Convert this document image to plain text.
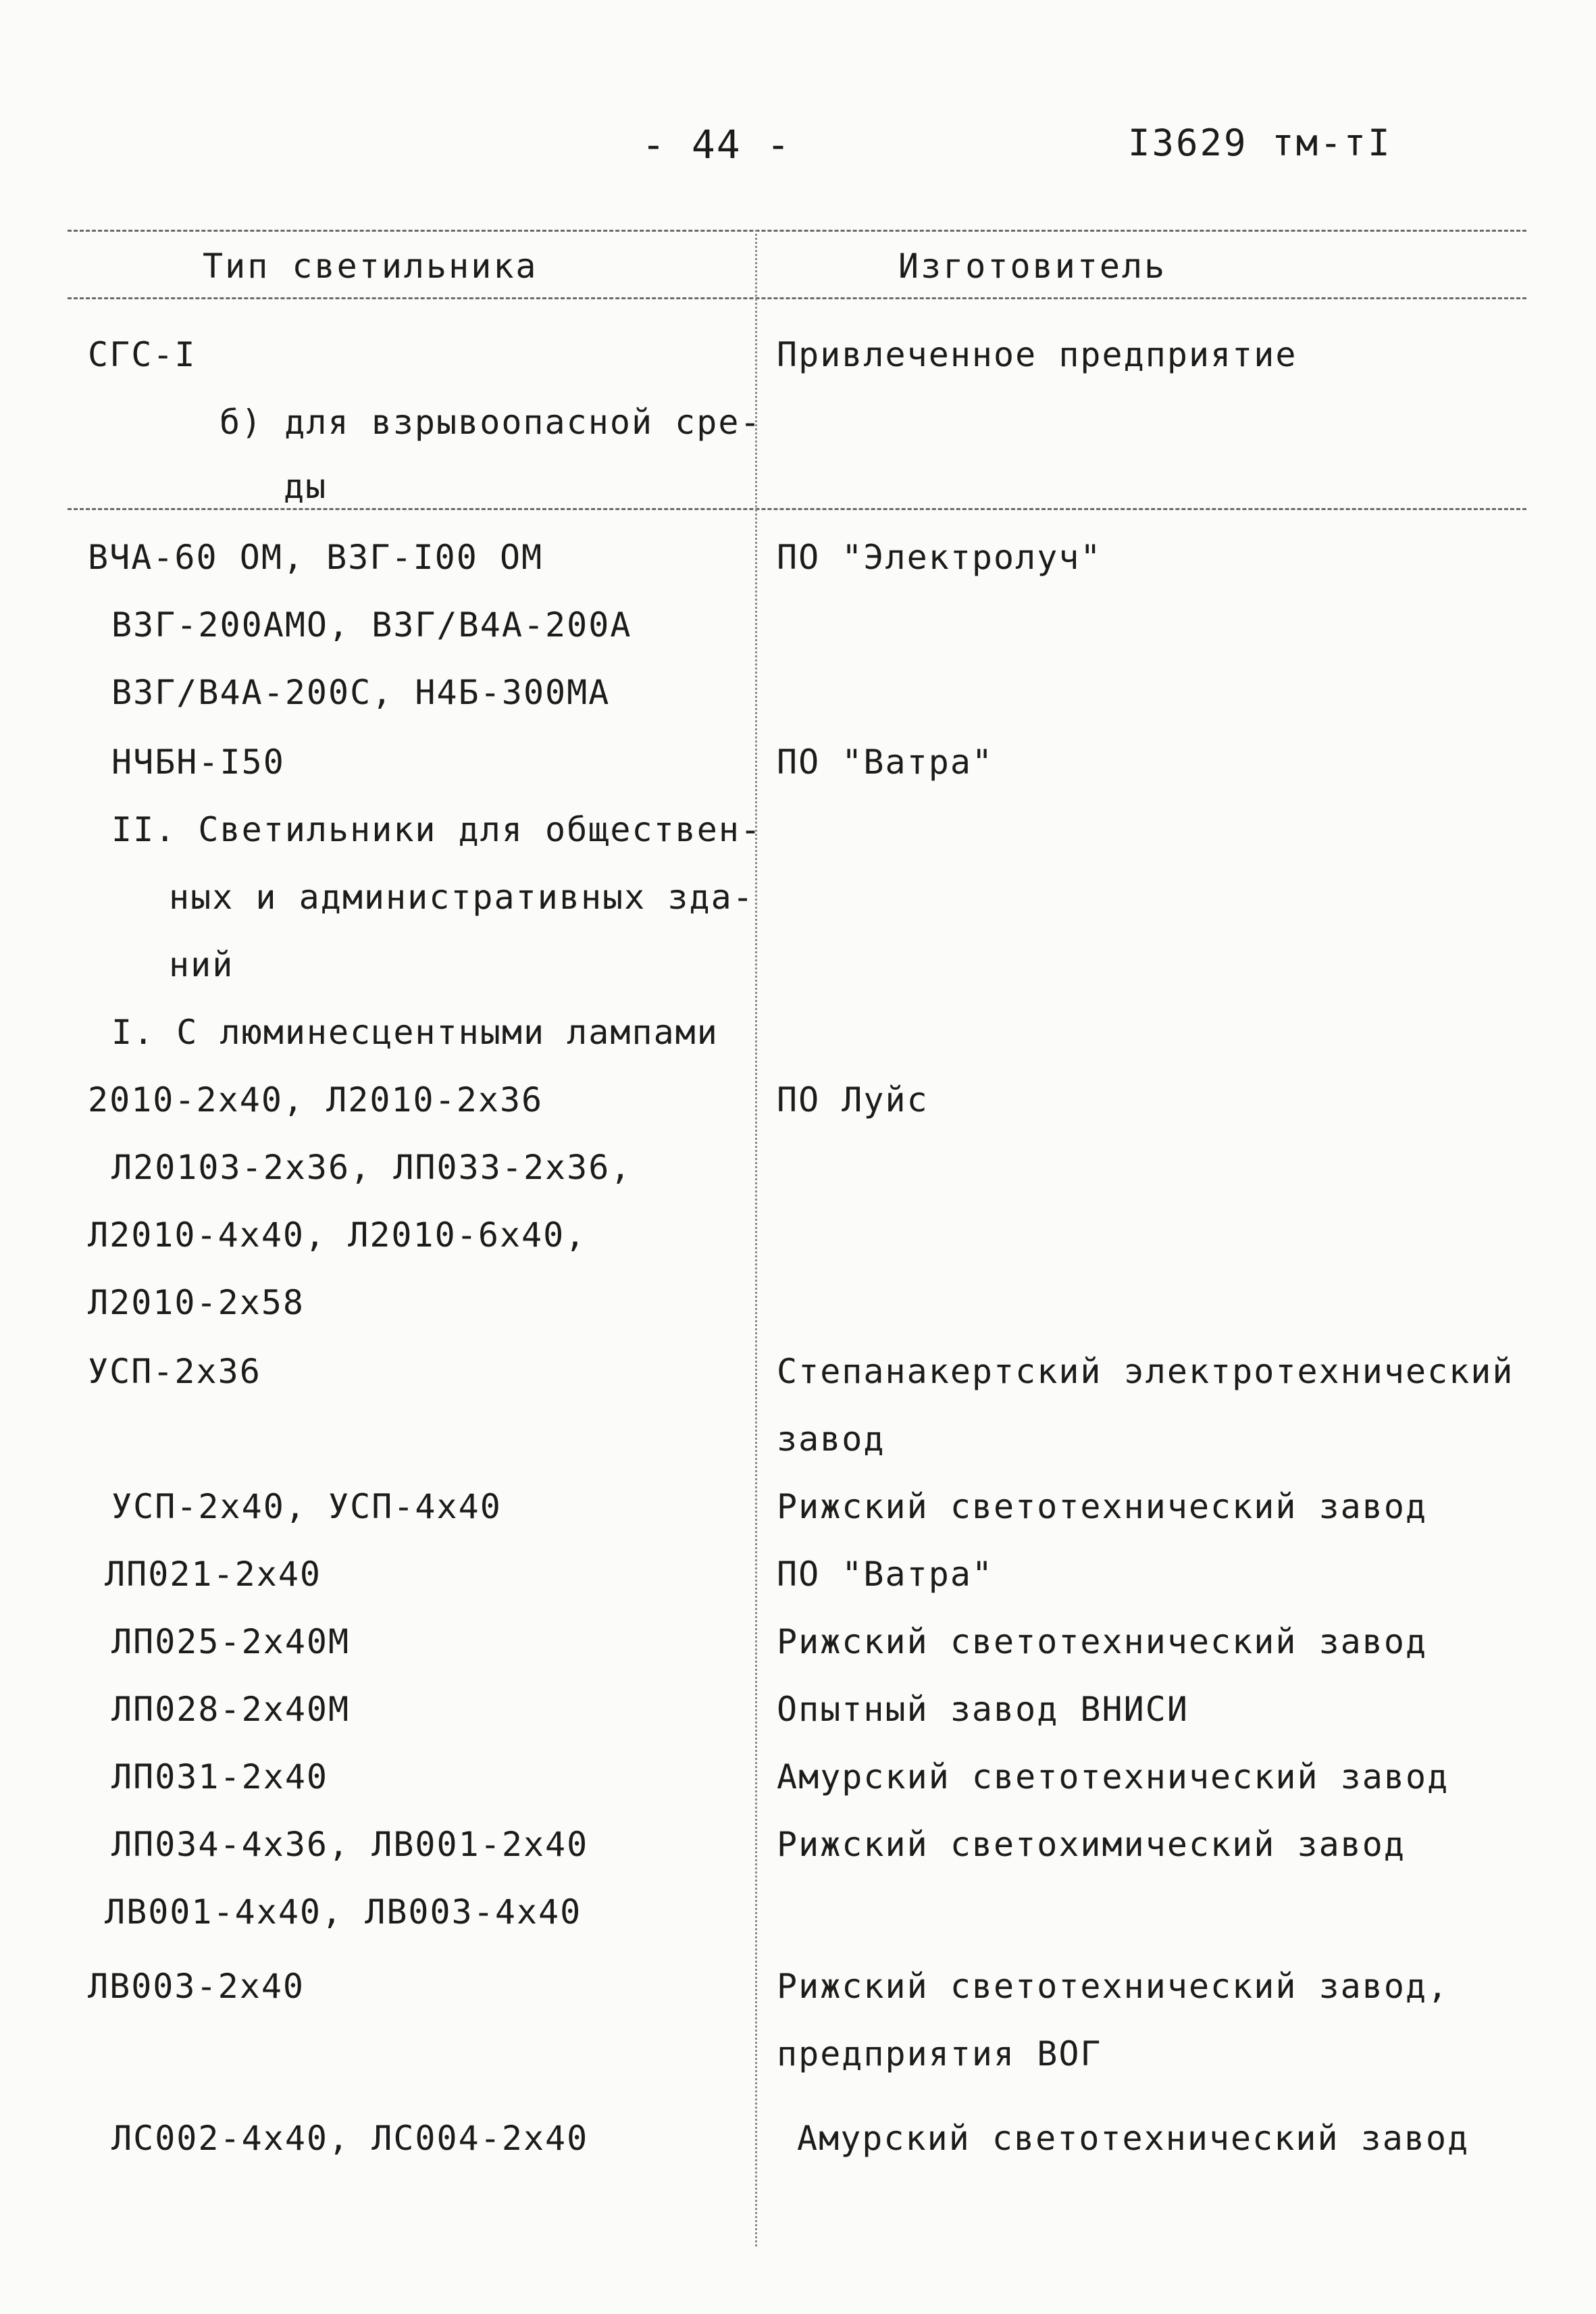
- 44 -	I3629 тм-тI
Тип светильника	Изготовитель
СГС-I	Привлеченное предприятие
б) для взрывоопасной сре-
ды
ВЧА-60 ОМ, ВЗГ-I00 ОМ	ПО "Электролуч"
ВЗГ-200АМО, ВЗГ/В4А-200А
ВЗГ/В4А-200С, Н4Б-300МА
НЧБН-I50	ПО "Ватра"
II. Светильники для обществен-
ных и административных зда-
ний
I. С люминесцентными лампами
2010-2х40, Л2010-2х36	ПО Луйс
Л20103-2х36, ЛП033-2х36,
Л2010-4х40, Л2010-6х40,
Л2010-2х58
УСП-2х36	Степанакертский электротехнический
завод
УСП-2х40, УСП-4х40	Рижский светотехнический завод
ЛП021-2х40	ПО "Ватра"
ЛП025-2х40М	Рижский светотехнический завод
ЛП028-2х40М	Опытный завод ВНИСИ
ЛП031-2х40	Амурский светотехнический завод
ЛП034-4х36, ЛВ001-2х40	Рижский светохимический завод
ЛВ001-4х40, ЛВ003-4х40
ЛВ003-2х40	Рижский светотехнический завод,
предприятия ВОГ
ЛС002-4х40, ЛС004-2х40	Амурский светотехнический завод
